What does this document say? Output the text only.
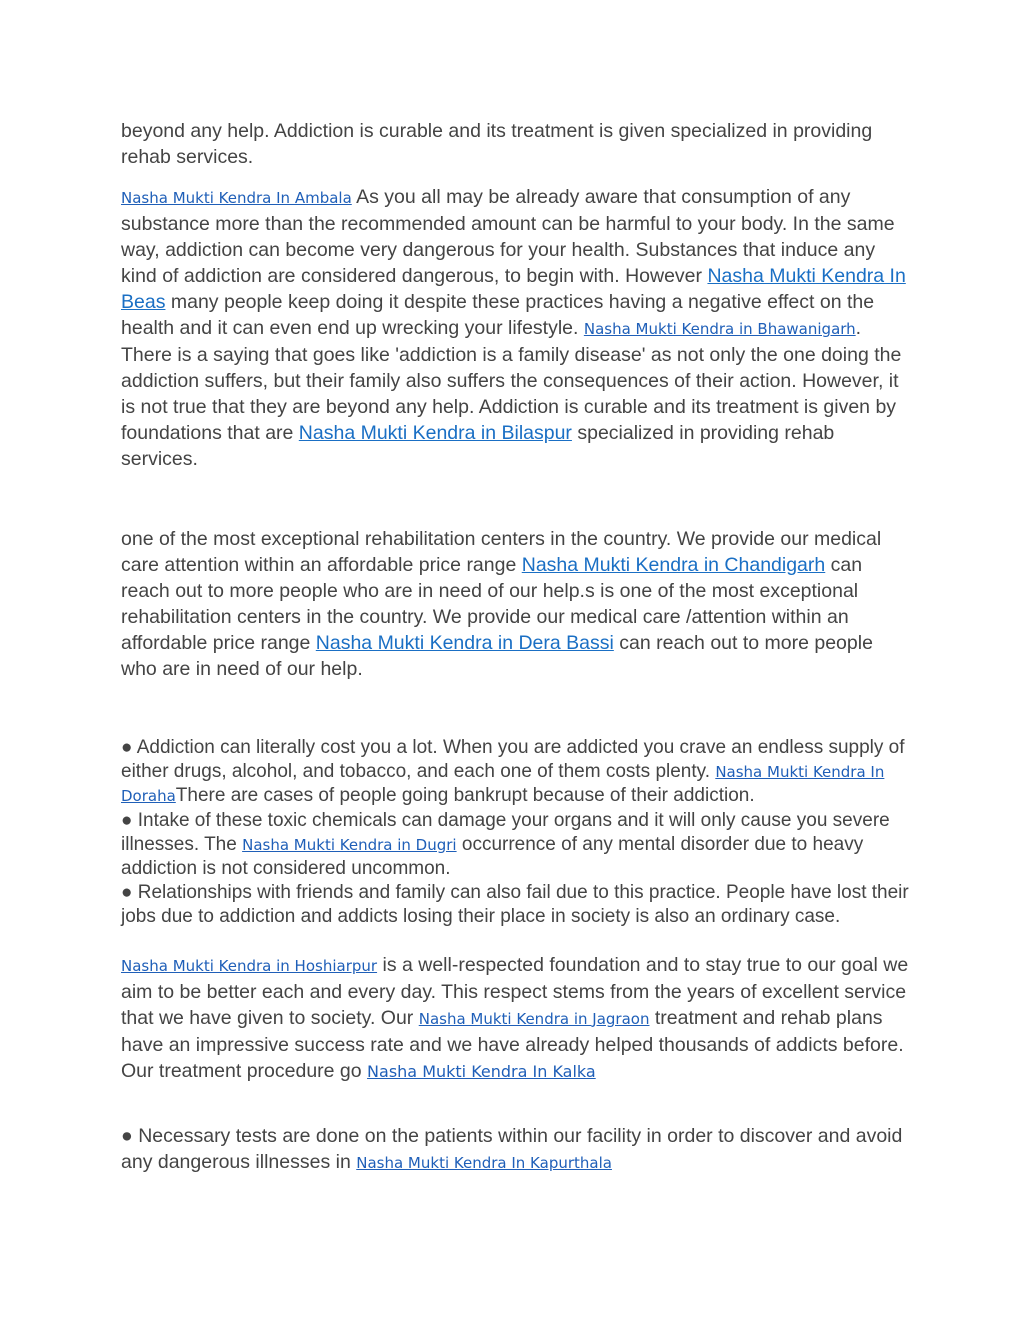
beyond any help. Addiction is curable and its treatment is given specialized in providing rehab services.

Nasha Mukti Kendra In Ambala As you all may be already aware that consumption of any substance more than the recommended amount can be harmful to your body. In the same way, addiction can become very dangerous for your health. Substances that induce any kind of addiction are considered dangerous, to begin with. However Nasha Mukti Kendra In Beas many people keep doing it despite these practices having a negative effect on the health and it can even end up wrecking your lifestyle. Nasha Mukti Kendra in Bhawanigarh. There is a saying that goes like 'addiction is a family disease' as not only the one doing the addiction suffers, but their family also suffers the consequences of their action. However, it is not true that they are beyond any help. Addiction is curable and its treatment is given by foundations that are Nasha Mukti Kendra in Bilaspur specialized in providing rehab services.

one of the most exceptional rehabilitation centers in the country. We provide our medical care attention within an affordable price range Nasha Mukti Kendra in Chandigarh can reach out to more people who are in need of our help.s is one of the most exceptional rehabilitation centers in the country. We provide our medical care /attention within an affordable price range Nasha Mukti Kendra in Dera Bassi can reach out to more people who are in need of our help.

● Addiction can literally cost you a lot. When you are addicted you crave an endless supply of either drugs, alcohol, and tobacco, and each one of them costs plenty. Nasha Mukti Kendra In DorahaThere are cases of people going bankrupt because of their addiction.

● Intake of these toxic chemicals can damage your organs and it will only cause you severe illnesses. The Nasha Mukti Kendra in Dugri occurrence of any mental disorder due to heavy addiction is not considered uncommon.

● Relationships with friends and family can also fail due to this practice. People have lost their jobs due to addiction and addicts losing their place in society is also an ordinary case.

Nasha Mukti Kendra in Hoshiarpur is a well-respected foundation and to stay true to our goal we aim to be better each and every day. This respect stems from the years of excellent service that we have given to society. Our Nasha Mukti Kendra in Jagraon treatment and rehab plans have an impressive success rate and we have already helped thousands of addicts before. Our treatment procedure go Nasha Mukti Kendra In Kalka

● Necessary tests are done on the patients within our facility in order to discover and avoid any dangerous illnesses in Nasha Mukti Kendra In Kapurthala
